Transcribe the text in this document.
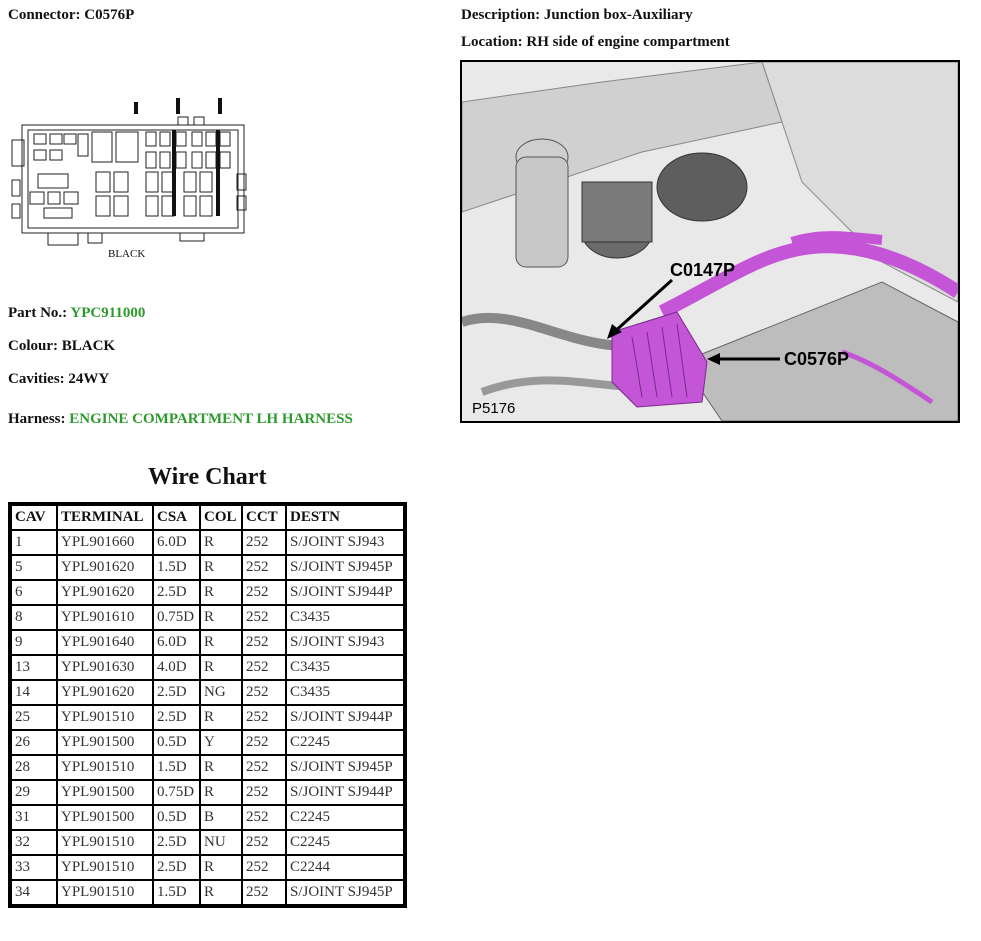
Connector: C0576P	Description: Junction box-Auxiliary
Location: RH side of engine compartment
BLACK
Part No.: YPC911000
Colour: BLACK
Cavities: 24WY
Harness: ENGINE COMPARTMENT LH HARNESS
C0147P
C0576P
P5176
Wire Chart
CAV	TERMINAL	CSA	COL	CCT	DESTN
1	YPL901660	6.0D	R	252	S/JOINT SJ943
5	YPL901620	1.5D	R	252	S/JOINT SJ945P
6	YPL901620	2.5D	R	252	S/JOINT SJ944P
8	YPL901610	0.75D	R	252	C3435
9	YPL901640	6.0D	R	252	S/JOINT SJ943
13	YPL901630	4.0D	R	252	C3435
14	YPL901620	2.5D	NG	252	C3435
25	YPL901510	2.5D	R	252	S/JOINT SJ944P
26	YPL901500	0.5D	Y	252	C2245
28	YPL901510	1.5D	R	252	S/JOINT SJ945P
29	YPL901500	0.75D	R	252	S/JOINT SJ944P
31	YPL901500	0.5D	B	252	C2245
32	YPL901510	2.5D	NU	252	C2245
33	YPL901510	2.5D	R	252	C2244
34	YPL901510	1.5D	R	252	S/JOINT SJ945P
